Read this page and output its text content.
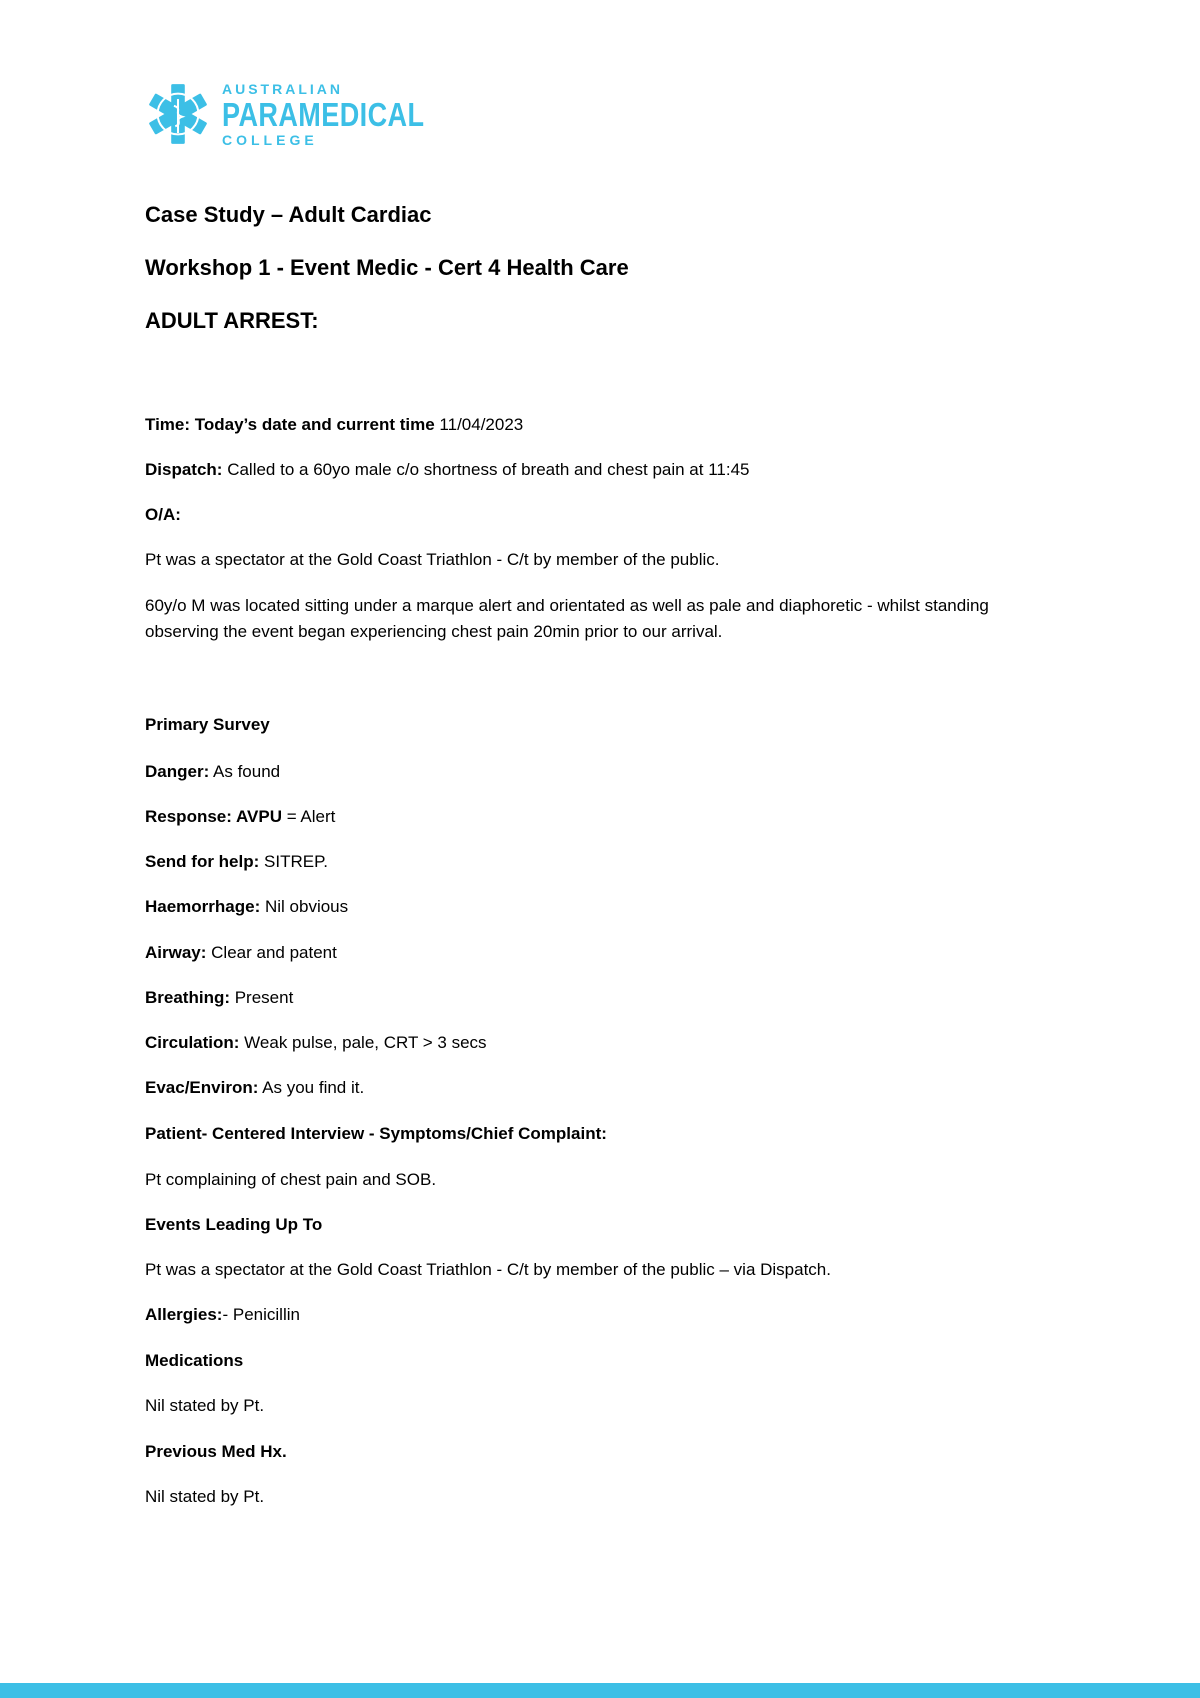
AUSTRALIAN
PARAMEDICAL
COLLEGE
Case Study – Adult Cardiac
Workshop 1 - Event Medic - Cert 4 Health Care
ADULT ARREST:

Time: Today’s date and current time 11/04/2023

Dispatch: Called to a 60yo male c/o shortness of breath and chest pain at 11:45

O/A:

Pt was a spectator at the Gold Coast Triathlon - C/t by member of the public.

60y/o M was located sitting under a marque alert and orientated as well as pale and diaphoretic - whilst standing observing the event began experiencing chest pain 20min prior to our arrival.

Primary Survey

Danger: As found

Response: AVPU = Alert

Send for help: SITREP.

Haemorrhage: Nil obvious

Airway: Clear and patent

Breathing: Present

Circulation: Weak pulse, pale, CRT > 3 secs

Evac/Environ: As you find it.

Patient- Centered Interview - Symptoms/Chief Complaint:

Pt complaining of chest pain and SOB.

Events Leading Up To

Pt was a spectator at the Gold Coast Triathlon - C/t by member of the public – via Dispatch.

Allergies:- Penicillin

Medications

Nil stated by Pt.

Previous Med Hx.

Nil stated by Pt.
